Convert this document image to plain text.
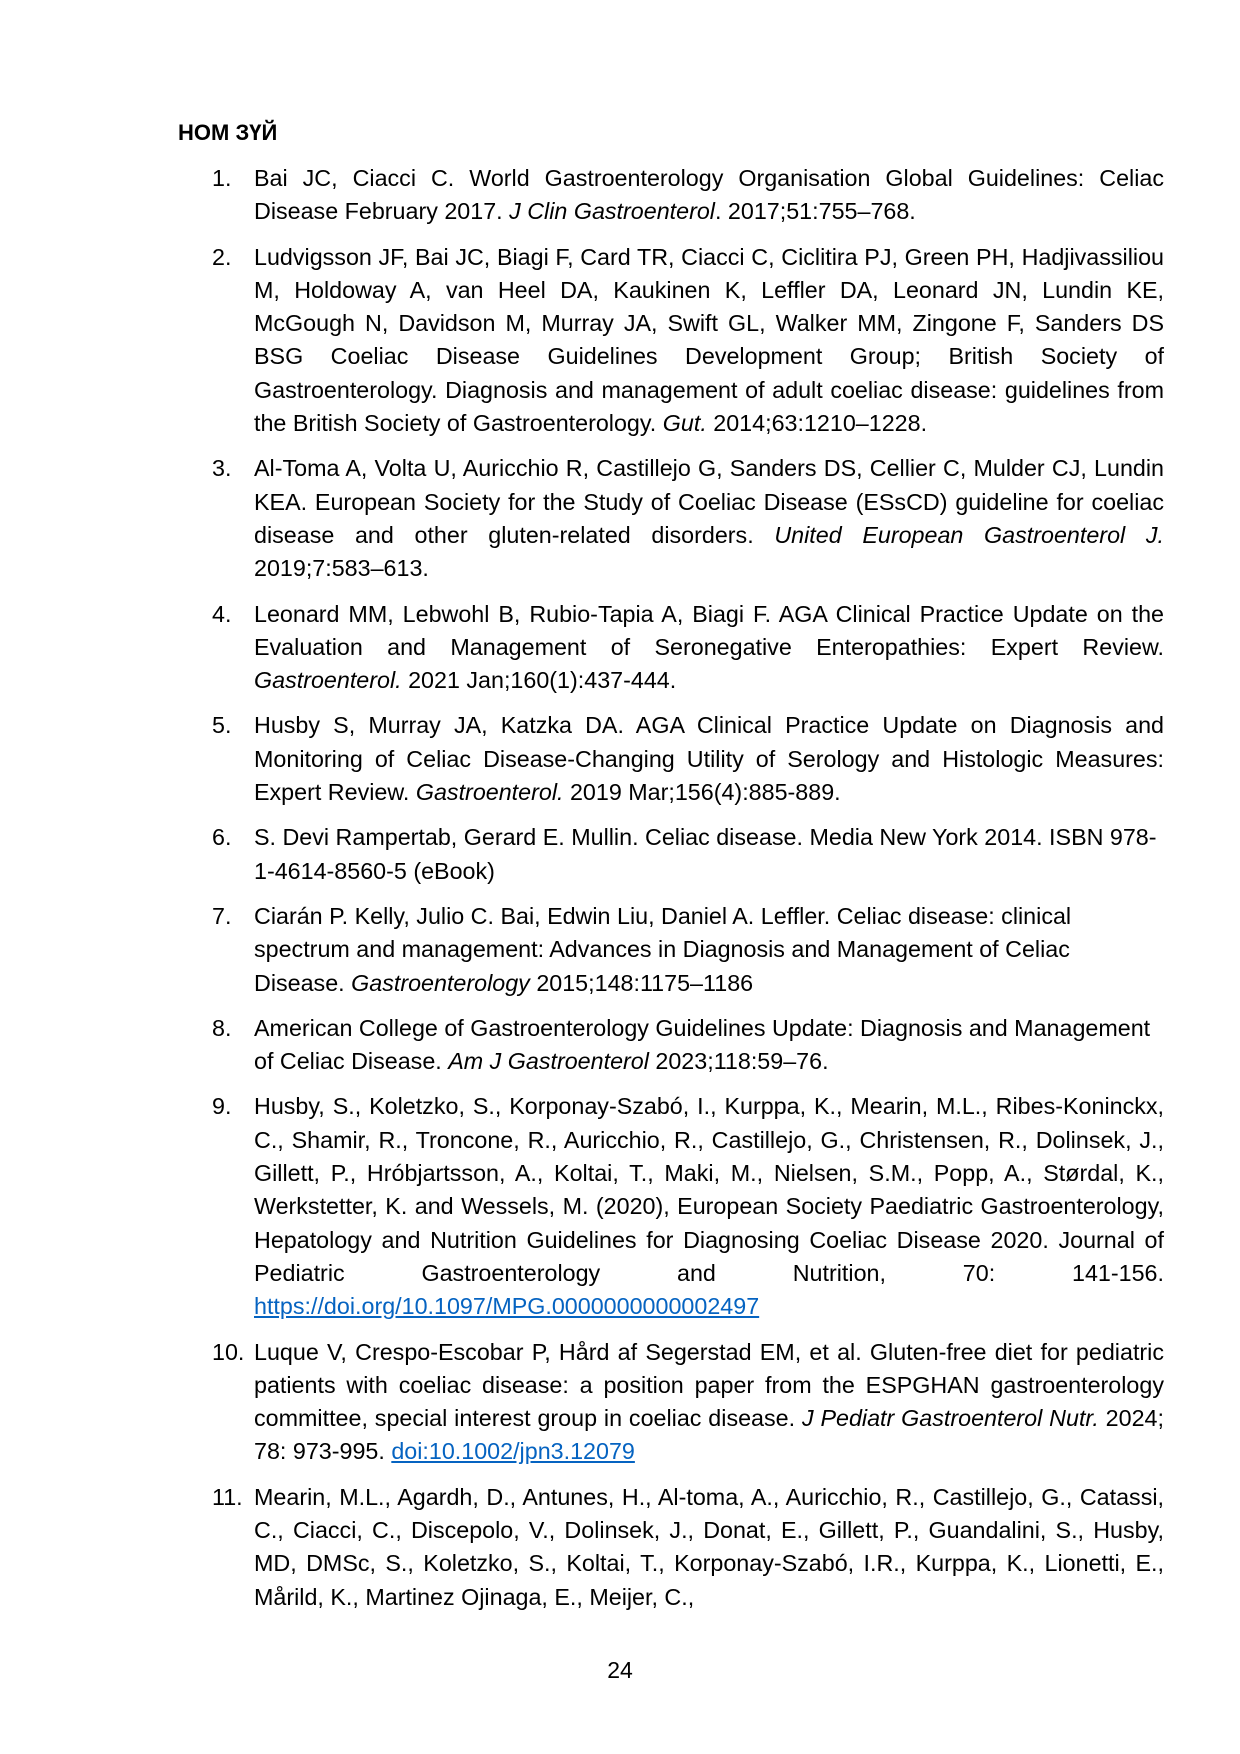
НОМ ЗҮЙ
1. Bai JC, Ciacci C. World Gastroenterology Organisation Global Guidelines: Celiac Disease February 2017. J Clin Gastroenterol. 2017;51:755–768.
2. Ludvigsson JF, Bai JC, Biagi F, Card TR, Ciacci C, Ciclitira PJ, Green PH, Hadjivassiliou M, Holdoway A, van Heel DA, Kaukinen K, Leffler DA, Leonard JN, Lundin KE, McGough N, Davidson M, Murray JA, Swift GL, Walker MM, Zingone F, Sanders DS BSG Coeliac Disease Guidelines Development Group; British Society of Gastroenterology. Diagnosis and management of adult coeliac disease: guidelines from the British Society of Gastroenterology. Gut. 2014;63:1210–1228.
3. Al-Toma A, Volta U, Auricchio R, Castillejo G, Sanders DS, Cellier C, Mulder CJ, Lundin KEA. European Society for the Study of Coeliac Disease (ESsCD) guideline for coeliac disease and other gluten-related disorders. United European Gastroenterol J. 2019;7:583–613.
4. Leonard MM, Lebwohl B, Rubio-Tapia A, Biagi F. AGA Clinical Practice Update on the Evaluation and Management of Seronegative Enteropathies: Expert Review. Gastroenterol. 2021 Jan;160(1):437-444.
5. Husby S, Murray JA, Katzka DA. AGA Clinical Practice Update on Diagnosis and Monitoring of Celiac Disease-Changing Utility of Serology and Histologic Measures: Expert Review. Gastroenterol. 2019 Mar;156(4):885-889.
6. S. Devi Rampertab, Gerard E. Mullin. Celiac disease. Media New York 2014. ISBN 978-1-4614-8560-5 (eBook)
7. Ciarán P. Kelly, Julio C. Bai, Edwin Liu, Daniel A. Leffler. Celiac disease: clinical spectrum and management: Advances in Diagnosis and Management of Celiac Disease. Gastroenterology 2015;148:1175–1186
8. American College of Gastroenterology Guidelines Update: Diagnosis and Management of Celiac Disease. Am J Gastroenterol 2023;118:59–76.
9. Husby, S., Koletzko, S., Korponay-Szabó, I., Kurppa, K., Mearin, M.L., Ribes-Koninckx, C., Shamir, R., Troncone, R., Auricchio, R., Castillejo, G., Christensen, R., Dolinsek, J., Gillett, P., Hróbjartsson, A., Koltai, T., Maki, M., Nielsen, S.M., Popp, A., Størdal, K., Werkstetter, K. and Wessels, M. (2020), European Society Paediatric Gastroenterology, Hepatology and Nutrition Guidelines for Diagnosing Coeliac Disease 2020. Journal of Pediatric Gastroenterology and Nutrition, 70: 141-156. https://doi.org/10.1097/MPG.0000000000002497
10. Luque V, Crespo-Escobar P, Hård af Segerstad EM, et al. Gluten-free diet for pediatric patients with coeliac disease: a position paper from the ESPGHAN gastroenterology committee, special interest group in coeliac disease. J Pediatr Gastroenterol Nutr. 2024; 78: 973-995. doi:10.1002/jpn3.12079
11. Mearin, M.L., Agardh, D., Antunes, H., Al-toma, A., Auricchio, R., Castillejo, G., Catassi, C., Ciacci, C., Discepolo, V., Dolinsek, J., Donat, E., Gillett, P., Guandalini, S., Husby, MD, DMSc, S., Koletzko, S., Koltai, T., Korponay-Szabó, I.R., Kurppa, K., Lionetti, E., Mårild, K., Martinez Ojinaga, E., Meijer, C.,
24
